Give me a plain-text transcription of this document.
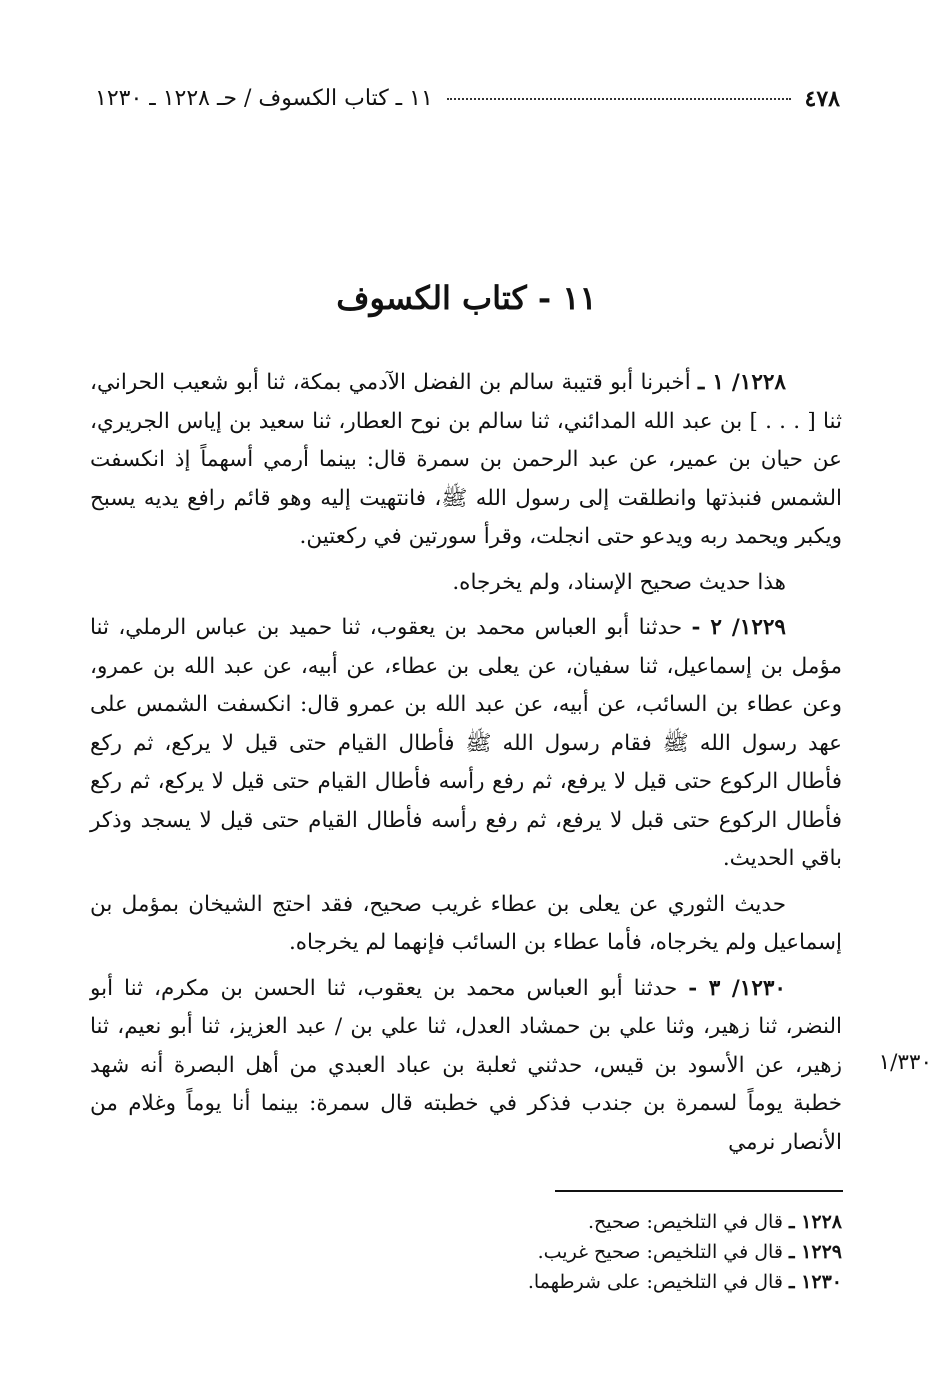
٤٧٨
١١ ـ كتاب الكسوف / حـ ١٢٢٨ ـ ١٢٣٠
١١ - كتاب الكسوف

١٢٢٨/ ١ ـ أخبرنا أبو قتيبة سالم بن الفضل الآدمي بمكة، ثنا أبو شعيب الحراني، ثنا [ . . . ] بن عبد الله المدائني، ثنا سالم بن نوح العطار، ثنا سعيد بن إياس الجريري، عن حيان بن عمير، عن عبد الرحمن بن سمرة قال: بينما أرمي أسهماً إذ انكسفت الشمس فنبذتها وانطلقت إلى رسول الله ﷺ، فانتهيت إليه وهو قائم رافع يديه يسبح ويكبر ويحمد ربه ويدعو حتى انجلت، وقرأ سورتين في ركعتين.

هذا حديث صحيح الإسناد، ولم يخرجاه.

١٢٢٩/ ٢ - حدثنا أبو العباس محمد بن يعقوب، ثنا حميد بن عباس الرملي، ثنا مؤمل بن إسماعيل، ثنا سفيان، عن يعلى بن عطاء، عن أبيه، عن عبد الله بن عمرو، وعن عطاء بن السائب، عن أبيه، عن عبد الله بن عمرو قال: انكسفت الشمس على عهد رسول الله ﷺ فقام رسول الله ﷺ فأطال القيام حتى قيل لا يركع، ثم ركع فأطال الركوع حتى قيل لا يرفع، ثم رفع رأسه فأطال القيام حتى قيل لا يركع، ثم ركع فأطال الركوع حتى قبل لا يرفع، ثم رفع رأسه فأطال القيام حتى قيل لا يسجد وذكر باقي الحديث.

حديث الثوري عن يعلى بن عطاء غريب صحيح، فقد احتج الشيخان بمؤمل بن إسماعيل ولم يخرجاه، فأما عطاء بن السائب فإنهما لم يخرجاه.

١٢٣٠/ ٣ - حدثنا أبو العباس محمد بن يعقوب، ثنا الحسن بن مكرم، ثنا أبو النضر، ثنا زهير، وثنا علي بن حمشاد العدل، ثنا علي بن / عبد العزيز، ثنا أبو نعيم، ثنا زهير، عن الأسود بن قيس، حدثني ثعلبة بن عباد العبدي من أهل البصرة أنه شهد خطبة يوماً لسمرة بن جندب فذكر في خطبته قال سمرة: بينما أنا يوماً وغلام من الأنصار نرمي

١/٣٣٠

١٢٢٨ ـ قال في التلخيص: صحيح.

١٢٢٩ ـ قال في التلخيص: صحيح غريب.

١٢٣٠ ـ قال في التلخيص: على شرطهما.
